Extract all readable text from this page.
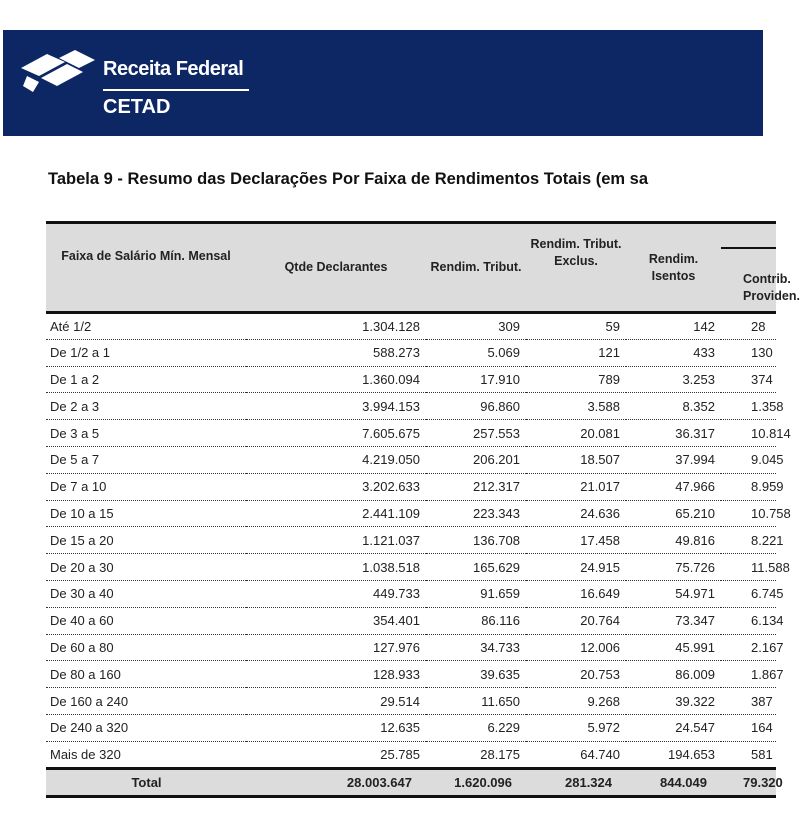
Receita Federal
CETAD
Tabela 9 - Resumo das Declarações Por Faixa de Rendimentos Totais (em sa
Faixa de Salário Mín. Mensal	Qtde Declarantes	Rendim. Tribut.	Rendim. Tribut. Exclus.	Rendim. Isentos	Contrib. Providen.
Até 1/2	1.304.128	309	59	142	28
De 1/2 a 1	588.273	5.069	121	433	130
De 1 a 2	1.360.094	17.910	789	3.253	374
De 2 a 3	3.994.153	96.860	3.588	8.352	1.358
De 3 a 5	7.605.675	257.553	20.081	36.317	10.814
De 5 a 7	4.219.050	206.201	18.507	37.994	9.045
De 7 a 10	3.202.633	212.317	21.017	47.966	8.959
De 10 a 15	2.441.109	223.343	24.636	65.210	10.758
De 15 a 20	1.121.037	136.708	17.458	49.816	8.221
De 20 a 30	1.038.518	165.629	24.915	75.726	11.588
De 30 a 40	449.733	91.659	16.649	54.971	6.745
De 40 a 60	354.401	86.116	20.764	73.347	6.134
De 60 a 80	127.976	34.733	12.006	45.991	2.167
De 80 a 160	128.933	39.635	20.753	86.009	1.867
De 160 a 240	29.514	11.650	9.268	39.322	387
De 240 a 320	12.635	6.229	5.972	24.547	164
Mais de 320	25.785	28.175	64.740	194.653	581
Total	28.003.647	1.620.096	281.324	844.049	79.320
